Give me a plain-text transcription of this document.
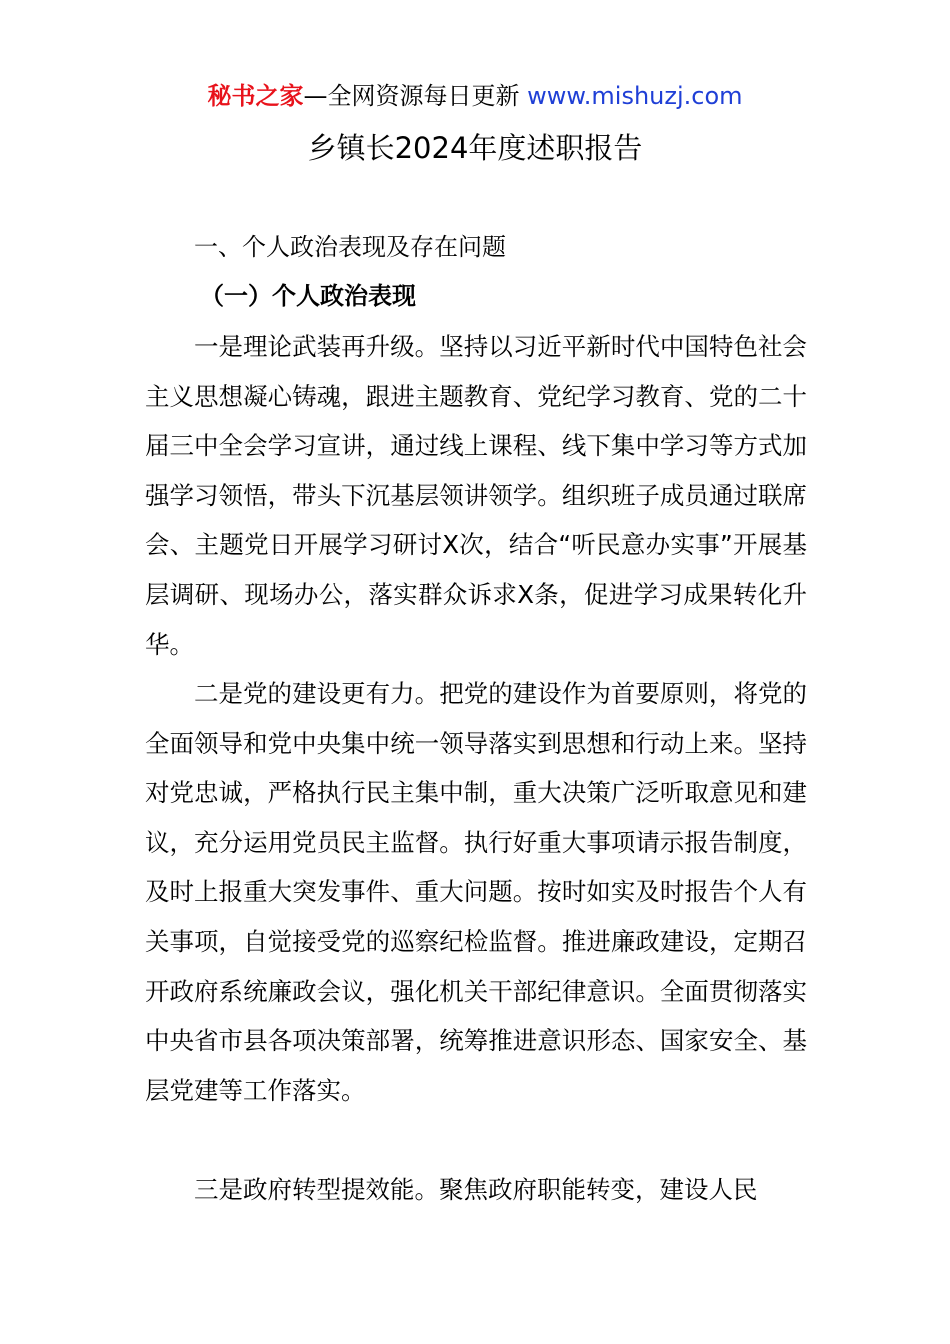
秘书之家—全网资源每日更新 www.mishuzj.com
乡镇长2024年度述职报告
一、个人政治表现及存在问题
（一）个人政治表现

一是理论武装再升级。坚持以习近平新时代中国特色社会主义思想凝心铸魂，跟进主题教育、党纪学习教育、党的二十届三中全会学习宣讲，通过线上课程、线下集中学习等方式加强学习领悟，带头下沉基层领讲领学。组织班子成员通过联席会、主题党日开展学习研讨X次，结合“听民意办实事”开展基层调研、现场办公，落实群众诉求X条，促进学习成果转化升华。

二是党的建设更有力。把党的建设作为首要原则，将党的全面领导和党中央集中统一领导落实到思想和行动上来。坚持对党忠诚，严格执行民主集中制，重大决策广泛听取意见和建议，充分运用党员民主监督。执行好重大事项请示报告制度，及时上报重大突发事件、重大问题。按时如实及时报告个人有关事项，自觉接受党的巡察纪检监督。推进廉政建设，定期召开政府系统廉政会议，强化机关干部纪律意识。全面贯彻落实中央省市县各项决策部署，统筹推进意识形态、国家安全、基层党建等工作落实。

三是政府转型提效能。聚焦政府职能转变，建设人民
